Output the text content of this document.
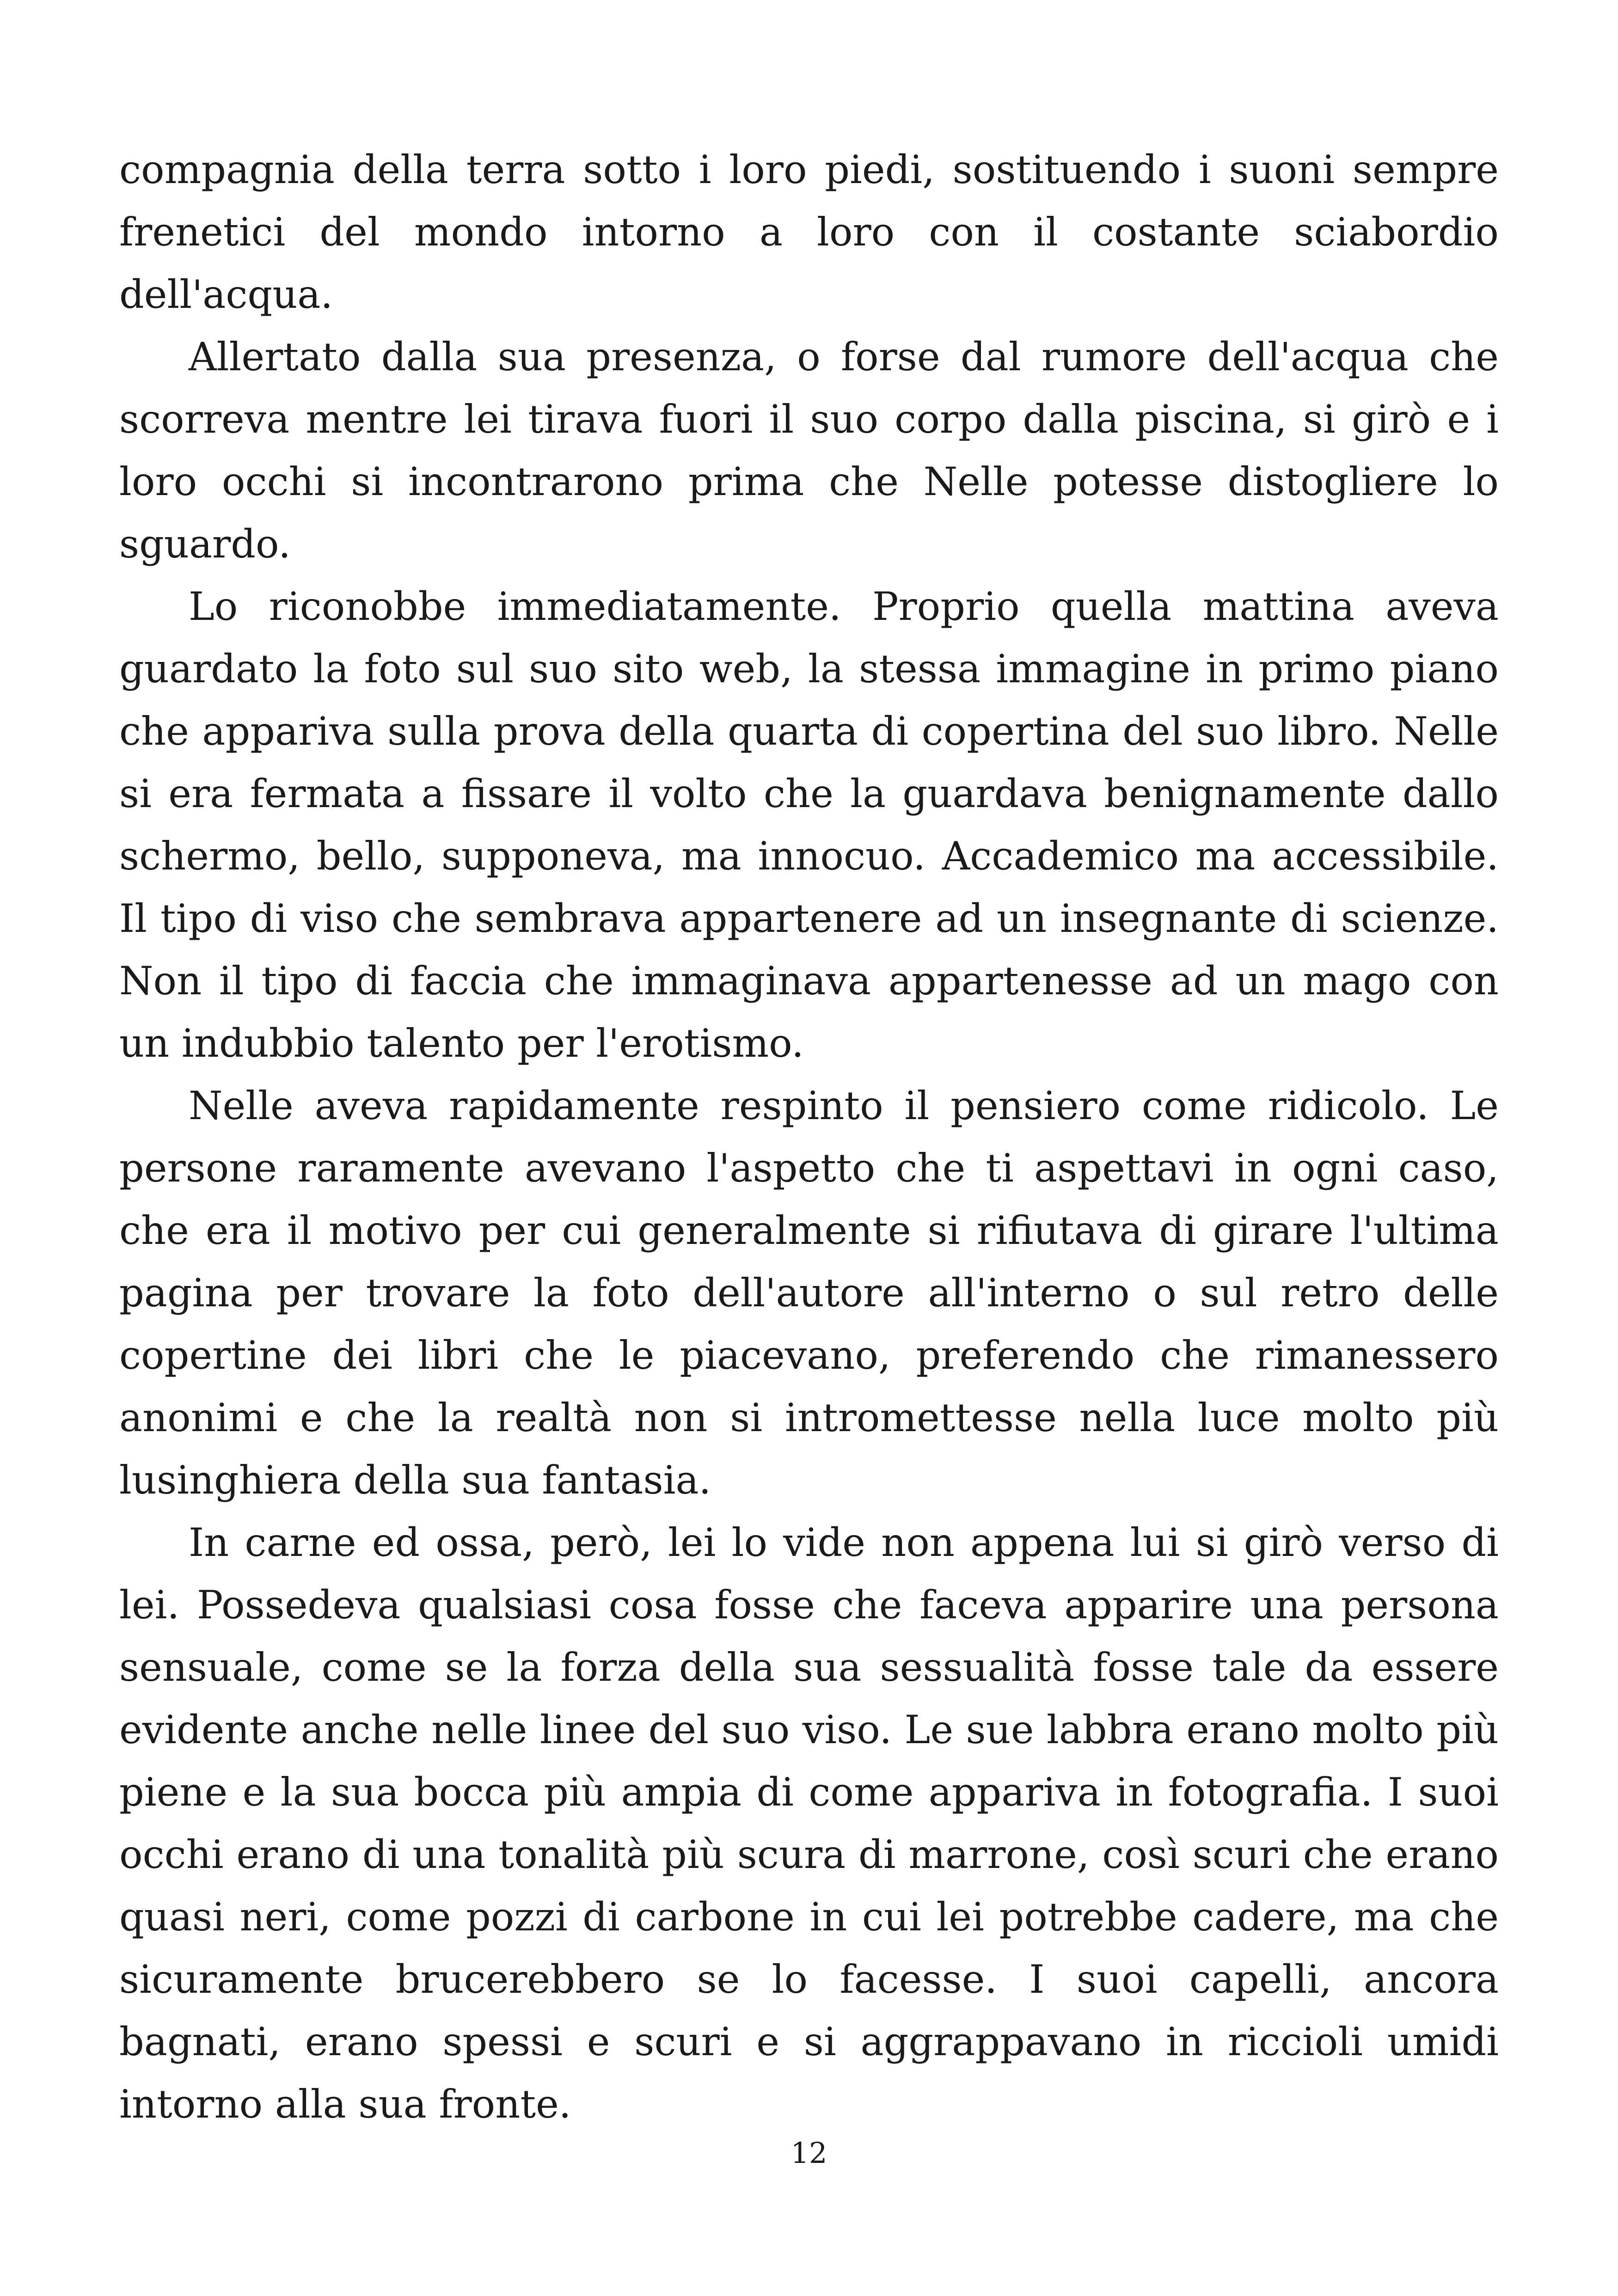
compagnia della terra sotto i loro piedi, sostituendo i suoni sempre frenetici del mondo intorno a loro con il costante sciabordio dell'acqua.

Allertato dalla sua presenza, o forse dal rumore dell'acqua che scorreva mentre lei tirava fuori il suo corpo dalla piscina, si girò e i loro occhi si incontrarono prima che Nelle potesse distogliere lo sguardo.

Lo riconobbe immediatamente. Proprio quella mattina aveva guardato la foto sul suo sito web, la stessa immagine in primo piano che appariva sulla prova della quarta di copertina del suo libro. Nelle si era fermata a fissare il volto che la guardava benignamente dallo schermo, bello, supponeva, ma innocuo. Accademico ma accessibile. Il tipo di viso che sembrava appartenere ad un insegnante di scienze. Non il tipo di faccia che immaginava appartenesse ad un mago con un indubbio talento per l'erotismo.

Nelle aveva rapidamente respinto il pensiero come ridicolo. Le persone raramente avevano l'aspetto che ti aspettavi in ogni caso, che era il motivo per cui generalmente si rifiutava di girare l'ultima pagina per trovare la foto dell'autore all'interno o sul retro delle copertine dei libri che le piacevano, preferendo che rimanessero anonimi e che la realtà non si intromettesse nella luce molto più lusinghiera della sua fantasia.

In carne ed ossa, però, lei lo vide non appena lui si girò verso di lei. Possedeva qualsiasi cosa fosse che faceva apparire una persona sensuale, come se la forza della sua sessualità fosse tale da essere evidente anche nelle linee del suo viso. Le sue labbra erano molto più piene e la sua bocca più ampia di come appariva in fotografia. I suoi occhi erano di una tonalità più scura di marrone, così scuri che erano quasi neri, come pozzi di carbone in cui lei potrebbe cadere, ma che sicuramente brucerebbero se lo facesse. I suoi capelli, ancora bagnati, erano spessi e scuri e si aggrappavano in riccioli umidi intorno alla sua fronte.

12
